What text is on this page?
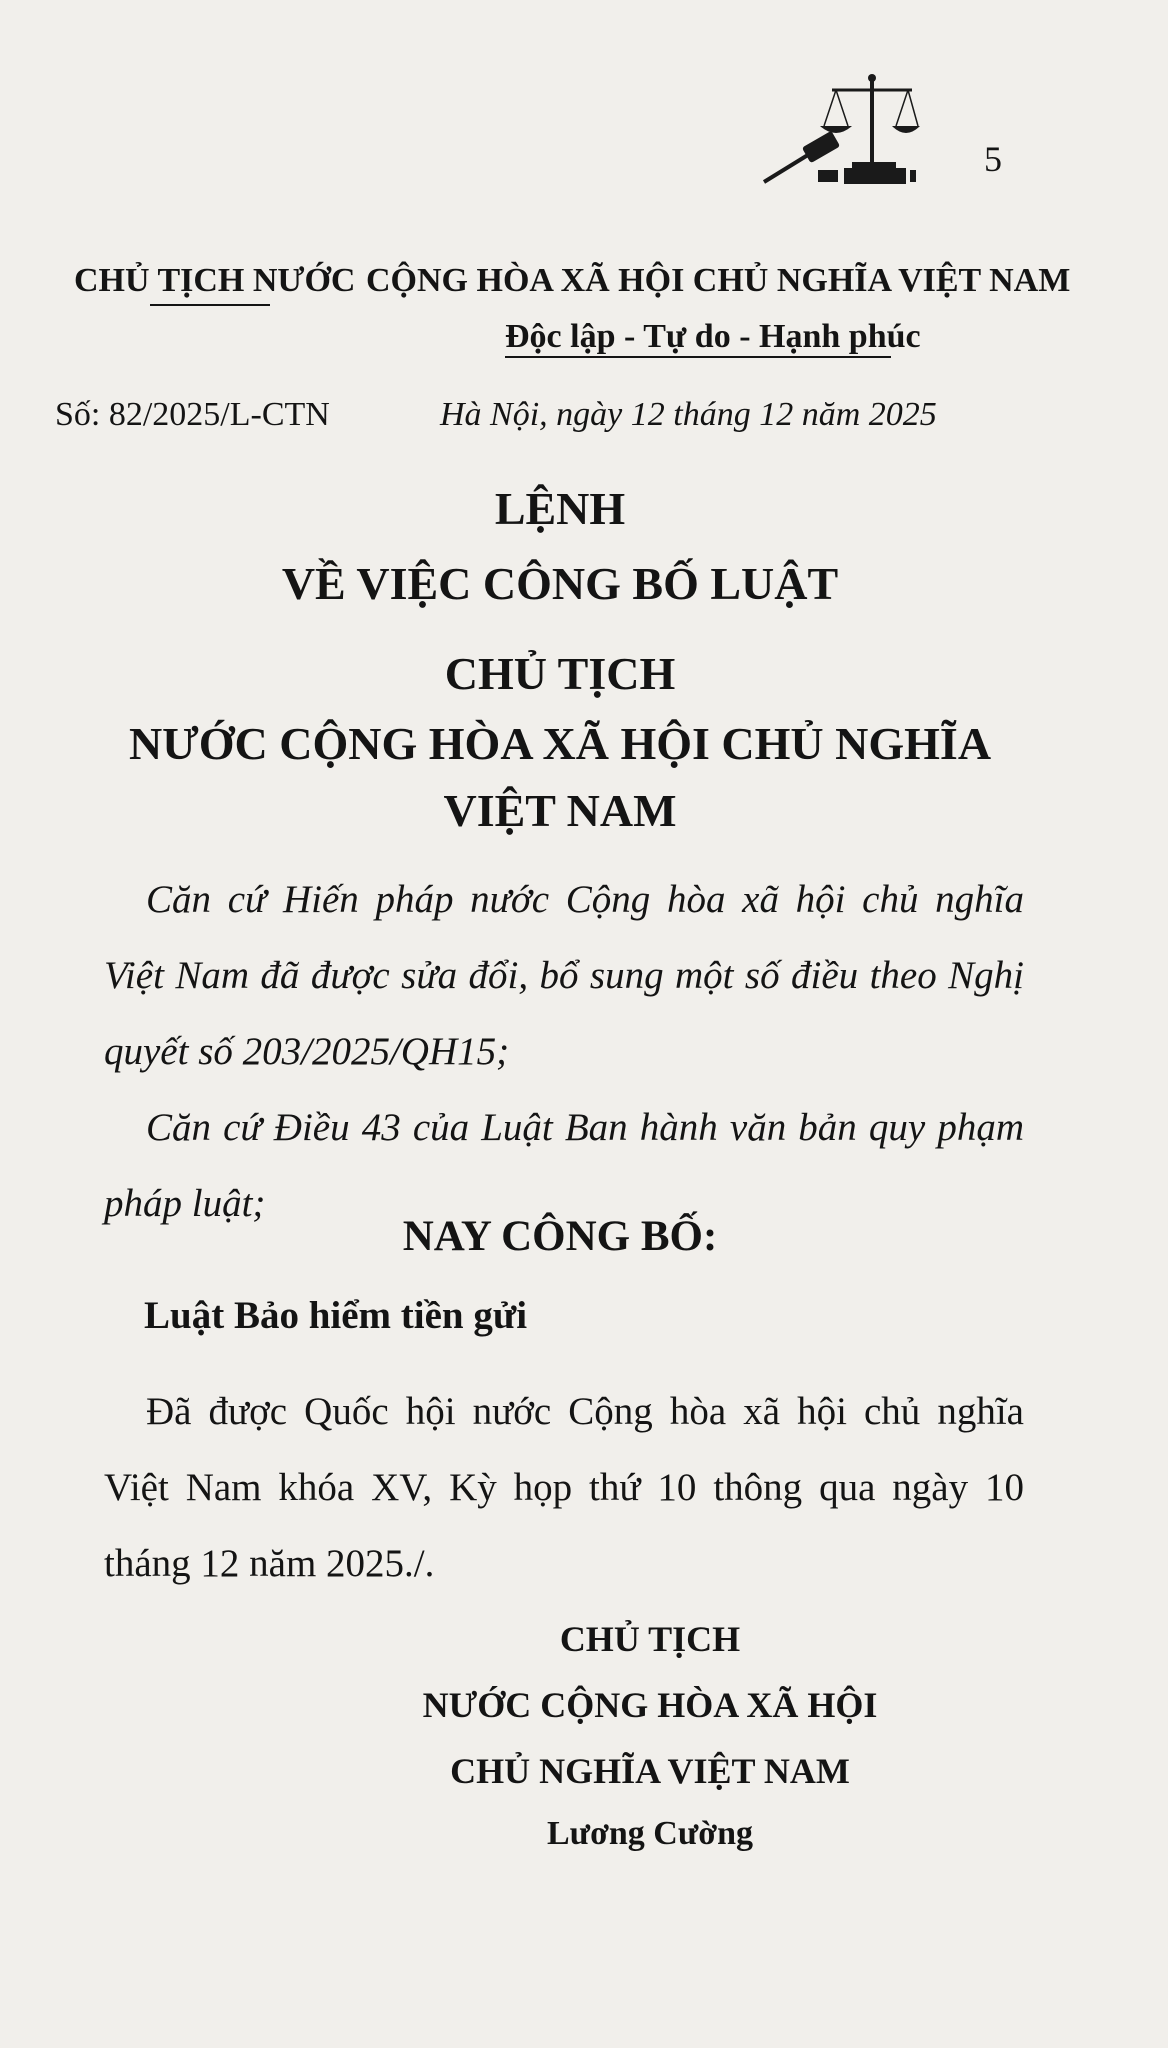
5
CHỦ TỊCH NƯỚC CỘNG HÒA XÃ HỘI CHỦ NGHĨA VIỆT NAM
Độc lập - Tự do - Hạnh phúc
Số: 82/2025/L-CTN	Hà Nội, ngày 12 tháng 12 năm 2025
LỆNH
VỀ VIỆC CÔNG BỐ LUẬT
CHỦ TỊCH
NƯỚC CỘNG HÒA XÃ HỘI CHỦ NGHĨA
VIỆT NAM
Căn cứ Hiến pháp nước Cộng hòa xã hội chủ nghĩa Việt Nam đã được sửa đổi, bổ sung một số điều theo Nghị quyết số 203/2025/QH15;
Căn cứ Điều 43 của Luật Ban hành văn bản quy phạm pháp luật;
NAY CÔNG BỐ:
Luật Bảo hiểm tiền gửi
Đã được Quốc hội nước Cộng hòa xã hội chủ nghĩa Việt Nam khóa XV, Kỳ họp thứ 10 thông qua ngày 10 tháng 12 năm 2025./.
CHỦ TỊCH
NƯỚC CỘNG HÒA XÃ HỘI
CHỦ NGHĨA VIỆT NAM
Lương Cường
